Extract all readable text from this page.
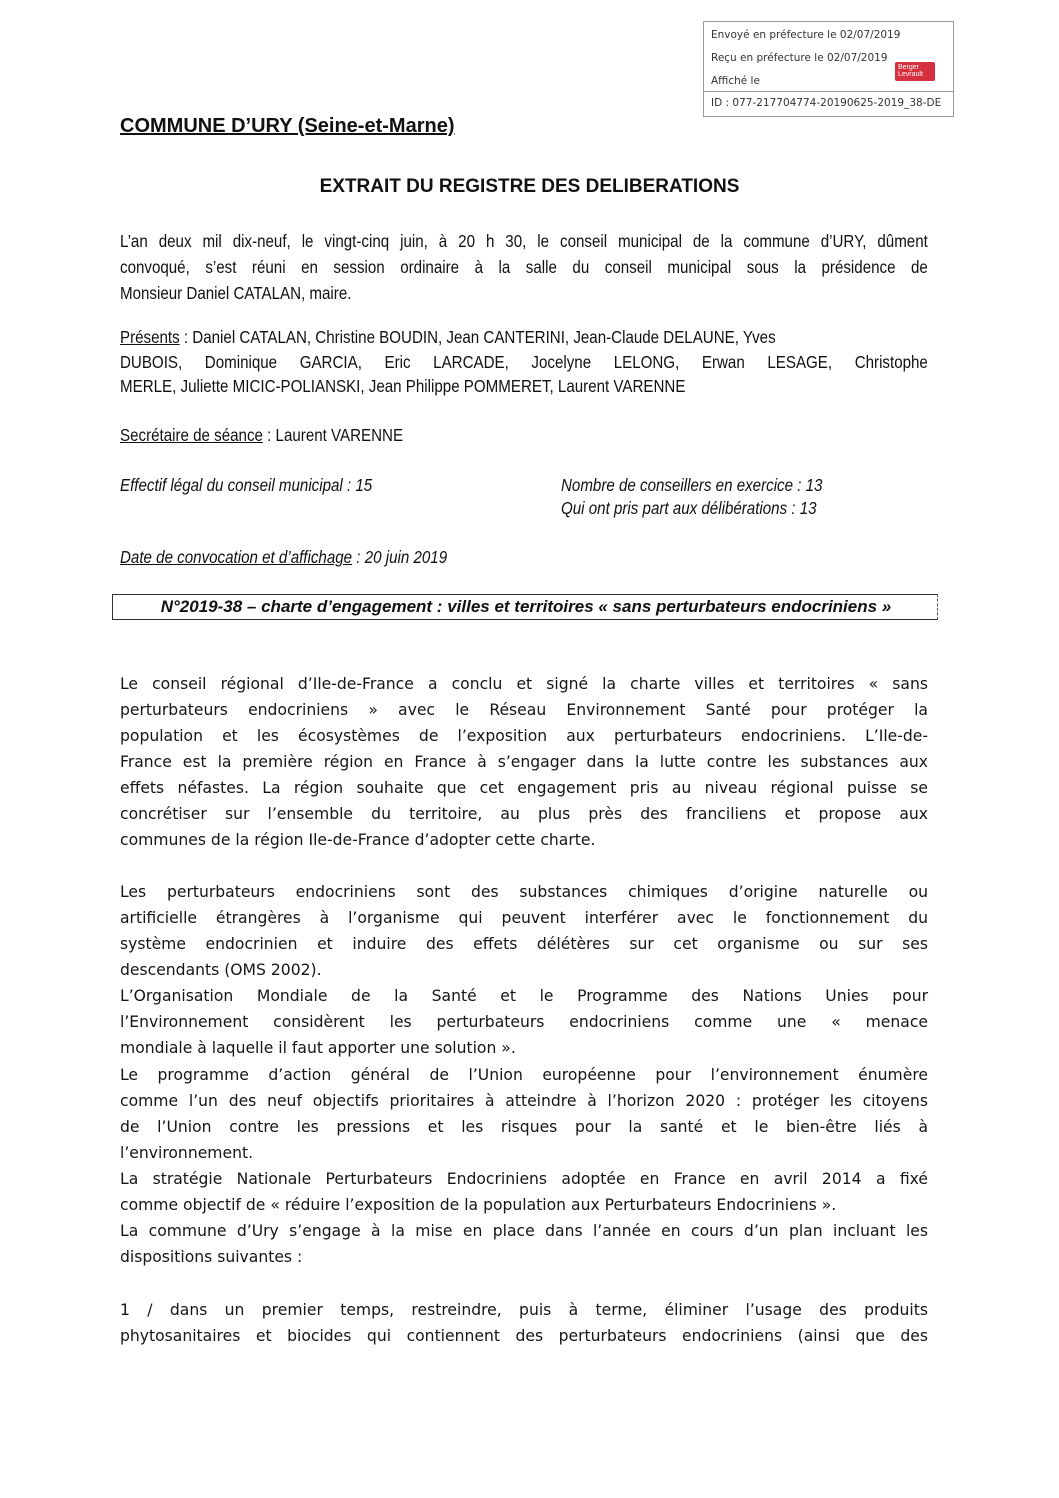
Envoyé en préfecture le 02/07/2019
Reçu en préfecture le 02/07/2019
Affiché le
ID : 077-217704774-20190625-2019_38-DE
Berger
Levrault
COMMUNE D’URY (Seine-et-Marne)
EXTRAIT DU REGISTRE DES DELIBERATIONS
L’an deux mil dix-neuf, le vingt-cinq juin, à 20 h 30, le conseil municipal de la commune d’URY, dûment
convoqué, s’est réuni en session ordinaire à la salle du conseil municipal sous la présidence de
Monsieur Daniel CATALAN, maire.
Présents : Daniel CATALAN, Christine BOUDIN, Jean CANTERINI, Jean-Claude DELAUNE, Yves
DUBOIS, Dominique GARCIA, Eric LARCADE, Jocelyne LELONG, Erwan LESAGE, Christophe
MERLE, Juliette MICIC-POLIANSKI, Jean Philippe POMMERET, Laurent VARENNE
Secrétaire de séance : Laurent VARENNE
Effectif légal du conseil municipal : 15	Nombre de conseillers en exercice : 13
Qui ont pris part aux délibérations : 13
Date de convocation et d’affichage : 20 juin 2019
N°2019-38 – charte d’engagement : villes et territoires « sans perturbateurs endocriniens »
Le conseil régional d’Ile-de-France a conclu et signé la charte villes et territoires « sans
perturbateurs endocriniens » avec le Réseau Environnement Santé pour protéger la
population et les écosystèmes de l’exposition aux perturbateurs endocriniens. L’Ile-de-
France est la première région en France à s’engager dans la lutte contre les substances aux
effets néfastes. La région souhaite que cet engagement pris au niveau régional puisse se
concrétiser sur l’ensemble du territoire, au plus près des franciliens et propose aux
communes de la région Ile-de-France d’adopter cette charte.
Les perturbateurs endocriniens sont des substances chimiques d’origine naturelle ou
artificielle étrangères à l’organisme qui peuvent interférer avec le fonctionnement du
système endocrinien et induire des effets délétères sur cet organisme ou sur ses
descendants (OMS 2002).
L’Organisation Mondiale de la Santé et le Programme des Nations Unies pour
l’Environnement considèrent les perturbateurs endocriniens comme une « menace
mondiale à laquelle il faut apporter une solution ».
Le programme d’action général de l’Union européenne pour l’environnement énumère
comme l’un des neuf objectifs prioritaires à atteindre à l’horizon 2020 : protéger les citoyens
de l’Union contre les pressions et les risques pour la santé et le bien-être liés à
l’environnement.
La stratégie Nationale Perturbateurs Endocriniens adoptée en France en avril 2014 a fixé
comme objectif de « réduire l’exposition de la population aux Perturbateurs Endocriniens ».
La commune d’Ury s’engage à la mise en place dans l’année en cours d’un plan incluant les
dispositions suivantes :
1 / dans un premier temps, restreindre, puis à terme, éliminer l’usage des produits
phytosanitaires et biocides qui contiennent des perturbateurs endocriniens (ainsi que des
